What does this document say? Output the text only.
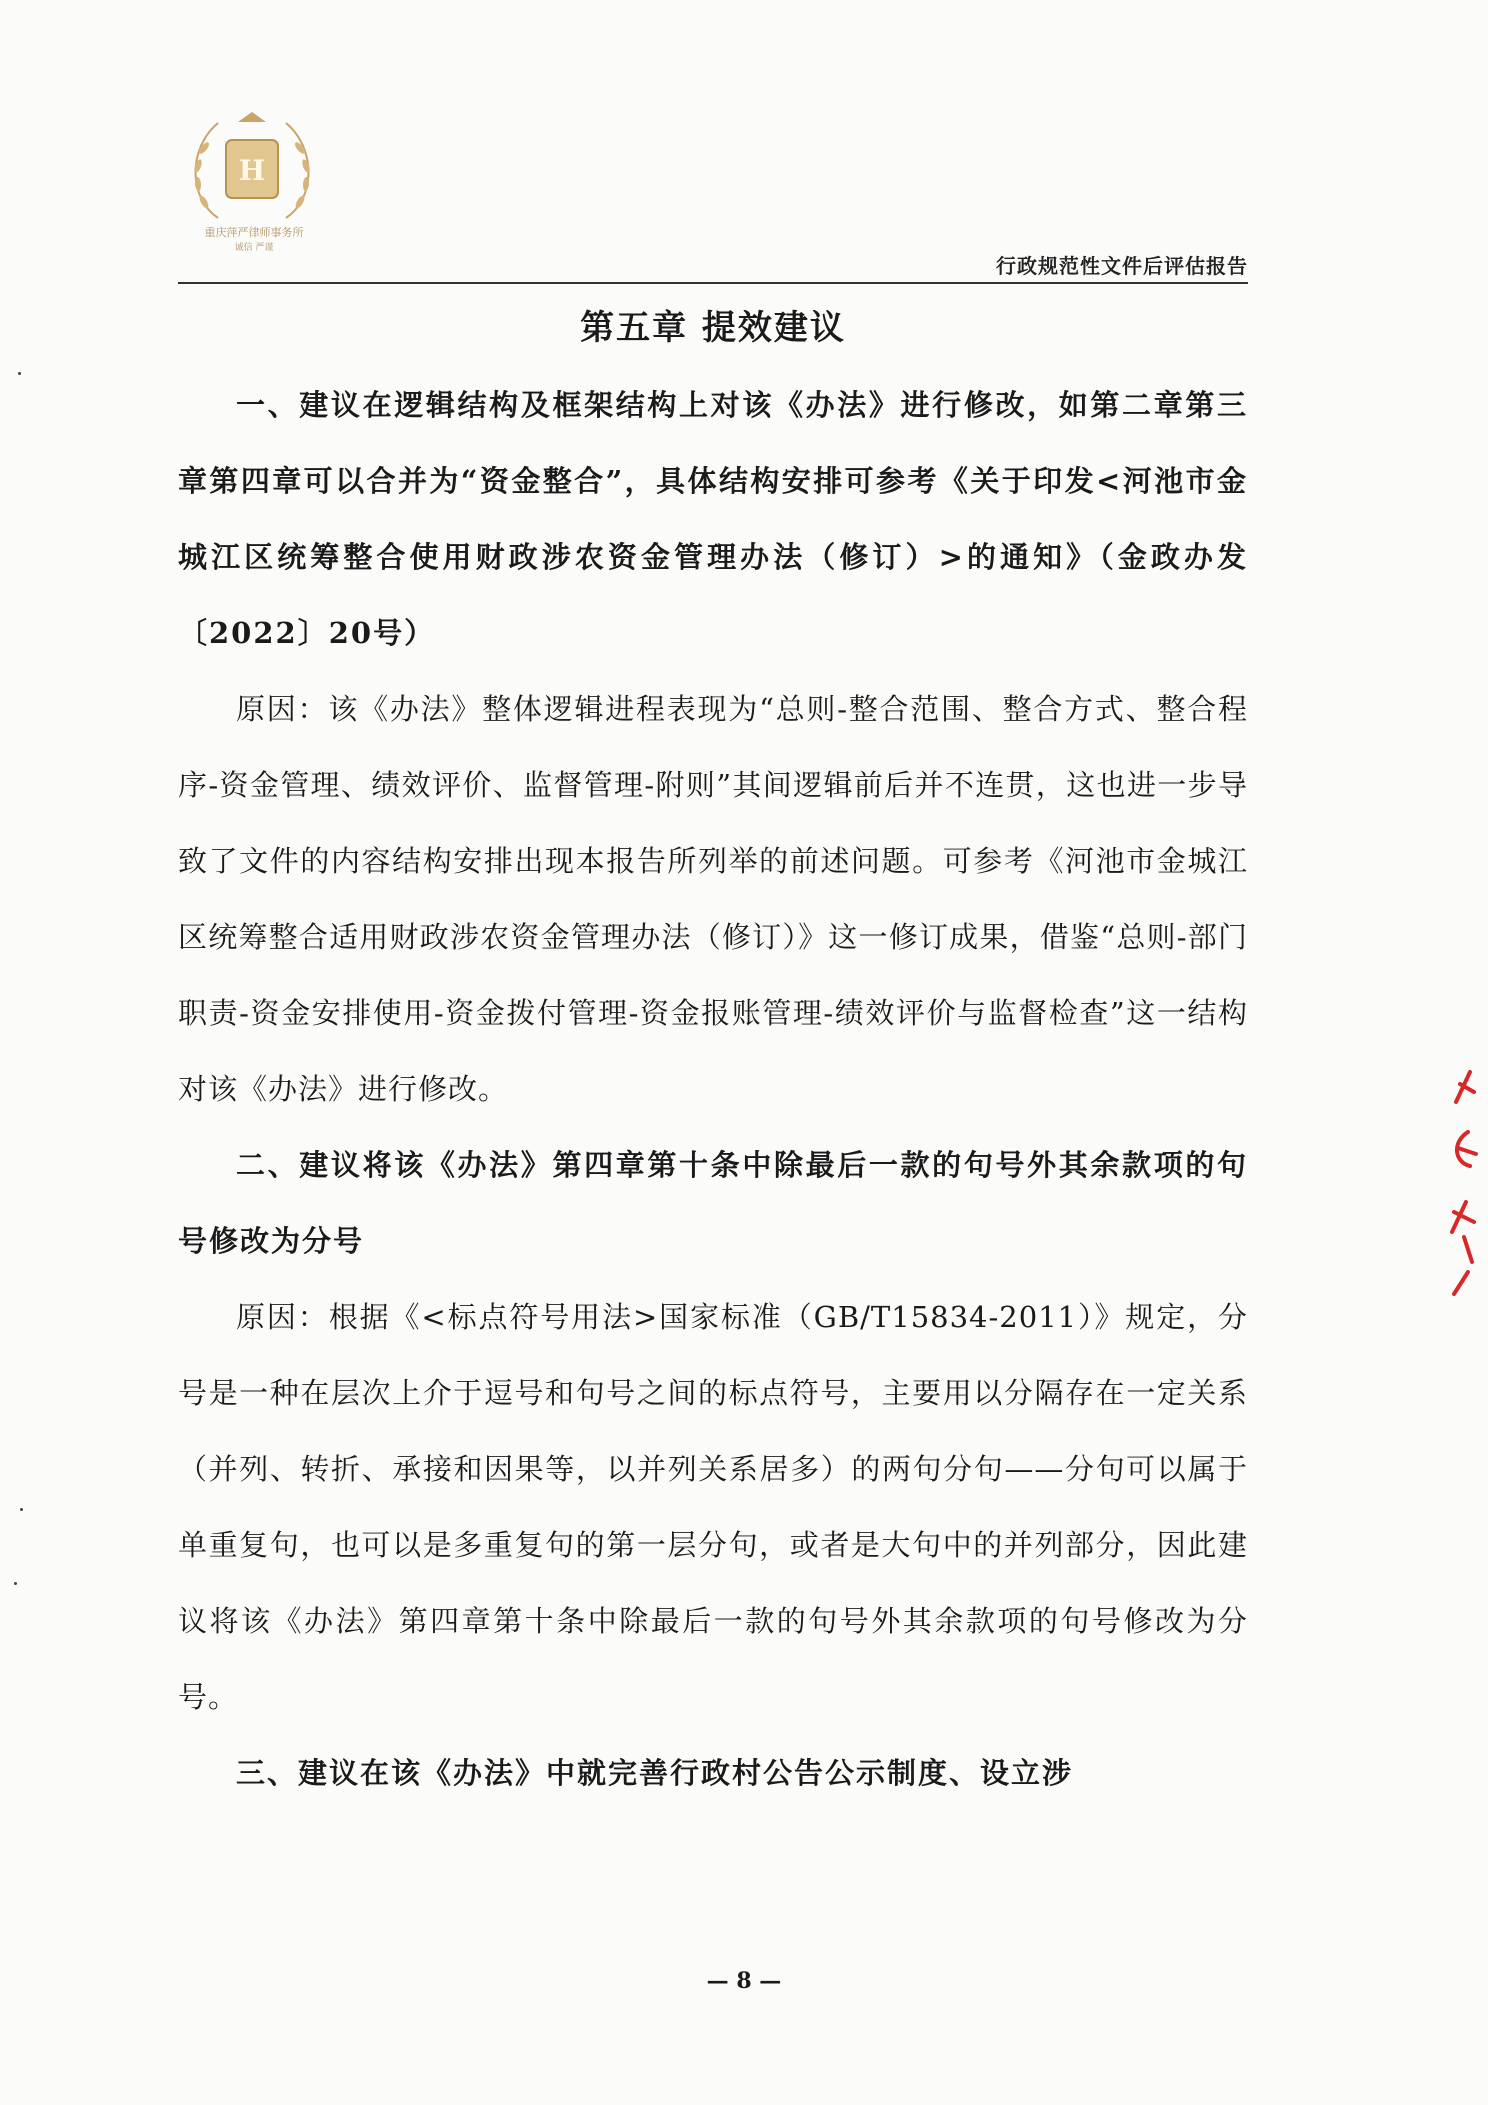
H
重庆萍严律师事务所
诚信 严谨
行政规范性文件后评估报告
第五章 提效建议

一、建议在逻辑结构及框架结构上对该《办法》进行修改，如第二章第三章第四章可以合并为“资金整合”，具体结构安排可参考《关于印发<河池市金城江区统筹整合使用财政涉农资金管理办法（修订）>的通知》（金政办发〔2022〕20号）

原因：该《办法》整体逻辑进程表现为“总则-整合范围、整合方式、整合程序-资金管理、绩效评价、监督管理-附则”其间逻辑前后并不连贯，这也进一步导致了文件的内容结构安排出现本报告所列举的前述问题。可参考《河池市金城江区统筹整合适用财政涉农资金管理办法（修订）》这一修订成果，借鉴“总则-部门职责-资金安排使用-资金拨付管理-资金报账管理-绩效评价与监督检查”这一结构对该《办法》进行修改。

二、建议将该《办法》第四章第十条中除最后一款的句号外其余款项的句号修改为分号

原因：根据《<标点符号用法>国家标准（GB/T15834-2011）》规定，分号是一种在层次上介于逗号和句号之间的标点符号，主要用以分隔存在一定关系（并列、转折、承接和因果等，以并列关系居多）的两句分句——分句可以属于单重复句，也可以是多重复句的第一层分句，或者是大句中的并列部分，因此建议将该《办法》第四章第十条中除最后一款的句号外其余款项的句号修改为分号。

三、建议在该《办法》中就完善行政村公告公示制度、设立涉

— 8 —
